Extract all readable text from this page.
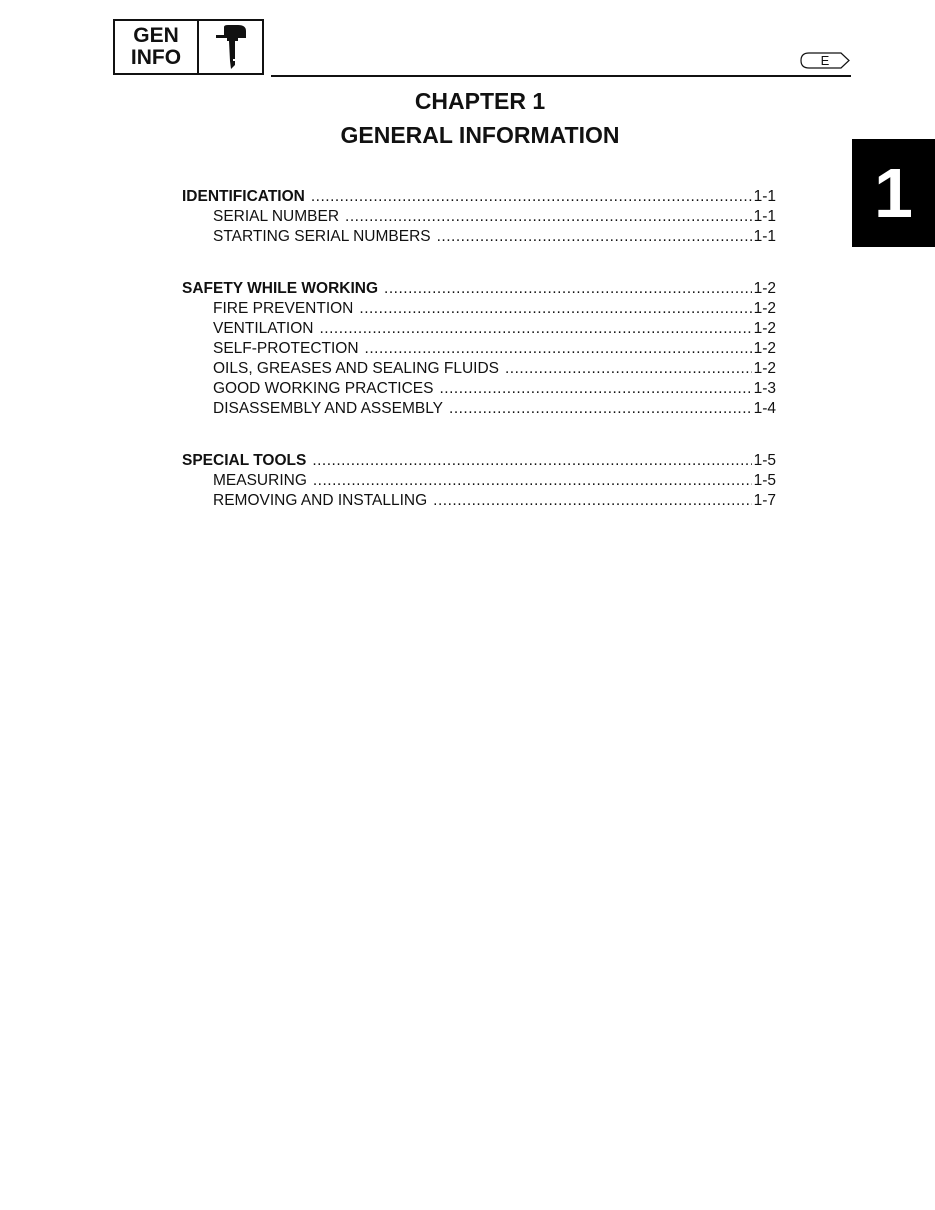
GEN
INFO	E
1
CHAPTER 1
GENERAL INFORMATION
IDENTIFICATION .....	1-1
SERIAL NUMBER .....	1-1
STARTING SERIAL NUMBERS .....	1-1
SAFETY WHILE WORKING .....	1-2
FIRE PREVENTION .....	1-2
VENTILATION .....	1-2
SELF-PROTECTION .....	1-2
OILS, GREASES AND SEALING FLUIDS .....	1-2
GOOD WORKING PRACTICES .....	1-3
DISASSEMBLY AND ASSEMBLY .....	1-4
SPECIAL TOOLS .....	1-5
MEASURING .....	1-5
REMOVING AND INSTALLING .....	1-7
